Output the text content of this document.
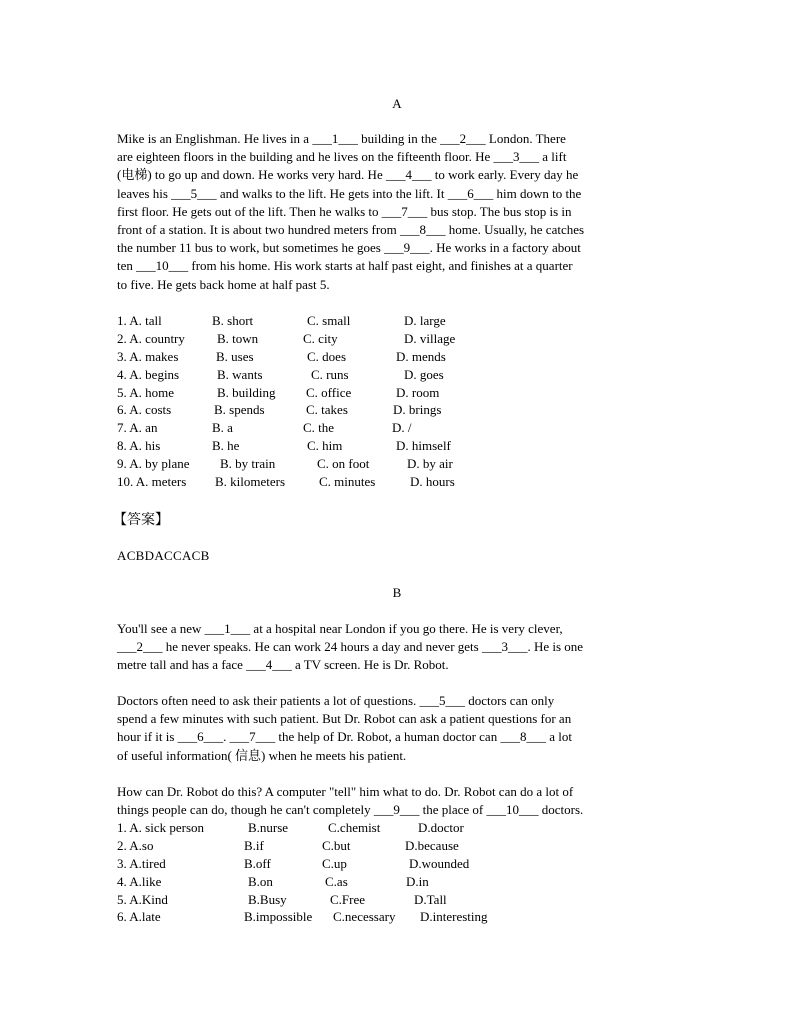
A
Mike is an Englishman. He lives in a ___1___ building in the ___2___ London. There
are eighteen floors in the building and he lives on the fifteenth floor. He ___3___ a lift
(电梯) to go up and down. He works very hard. He ___4___ to work early. Every day he
leaves his ___5___ and walks to the lift. He gets into the lift. It ___6___ him down to the
first floor. He gets out of the lift. Then he walks to ___7___ bus stop. The bus stop is in
front of a station. It is about two hundred meters from ___8___ home. Usually, he catches
the number 11 bus to work, but sometimes he goes ___9___. He works in a factory about
ten ___10___ from his home. His work starts at half past eight, and finishes at a quarter
to five. He gets back home at half past 5.
1. A. tall	B. short	C. small	D. large
2. A. country B. town	C. city	D. village
3. A. makes	B. uses	C. does	D. mends
4. A. begins	B. wants	C. runs	D. goes
5. A. home	B. building C. office	D. room
6. A. costs	B. spends	C. takes	D. brings
7. A. an	B. a	C. the	D. /
8. A. his	B. he	C. him	D. himself
9. A. by plane B. by train	C. on foot	D. by air
10. A. meters B. kilometers	C. minutes	D. hours
【答案】
ACBDACCACB
B
You'll see a new ___1___ at a hospital near London if you go there. He is very clever,
___2___ he never speaks. He can work 24 hours a day and never gets ___3___. He is one
metre tall and has a face ___4___ a TV screen. He is Dr. Robot.
Doctors often need to ask their patients a lot of questions. ___5___ doctors can only
spend a few minutes with such patient. But Dr. Robot can ask a patient questions for an
hour if it is ___6___. ___7___ the help of Dr. Robot, a human doctor can ___8___ a lot
of useful information( 信息) when he meets his patient.
How can Dr. Robot do this? A computer "tell" him what to do. Dr. Robot can do a lot of
things people can do, though he can't completely ___9___ the place of ___10___ doctors.
1. A. sick person	B.nurse	C.chemist	D.doctor
2. A.so	B.if	C.but	D.because
3. A.tired	B.off	C.up	D.wounded
4. A.like	B.on	C.as	D.in
5. A.Kind	B.Busy	C.Free	D.Tall
6. A.late	B.impossible C.necessary D.interesting
